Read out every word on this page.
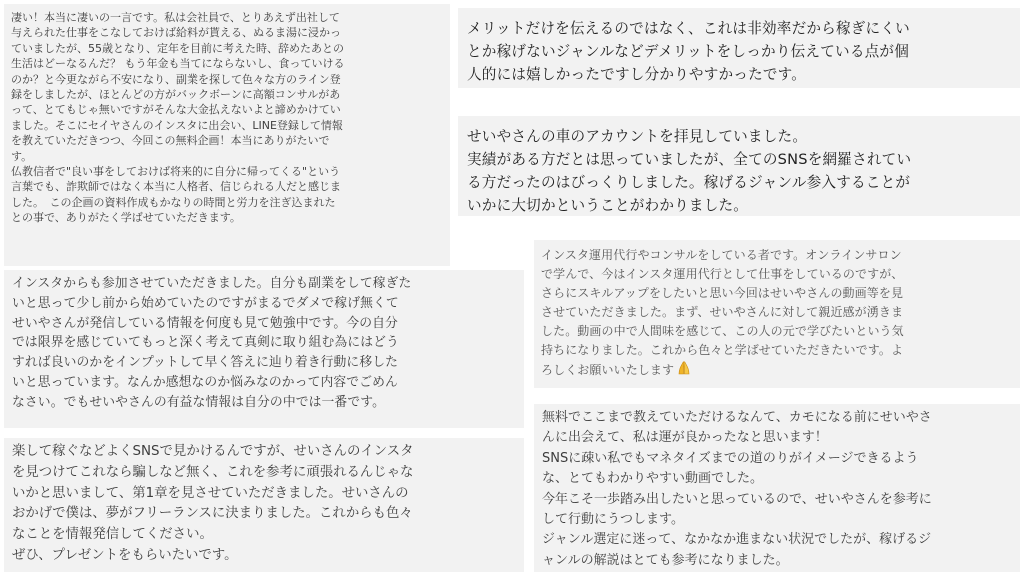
凄い！本当に凄いの一言です。私は会社員で、とりあえず出社して
与えられた仕事をこなしておけば給料が貰える、ぬるま湯に浸かっ
ていましたが、55歳となり、定年を目前に考えた時、辞めたあとの
生活はどーなるんだ？ もう年金も当てにならないし、食っていける
のか？と今更ながら不安になり、副業を探して色々な方のライン登
録をしましたが、ほとんどの方がバックボーンに高額コンサルがあ
って、とてもじゃ無いですがそんな大金払えないよと諦めかけてい
ました。そこにセイヤさんのインスタに出会い、LINE登録して情報
を教えていただきつつ、今回この無料企画！本当にありがたいで
す。
仏教信者で"良い事をしておけば将来的に自分に帰ってくる"という
言葉でも、詐欺師ではなく本当に人格者、信じられる人だと感じま
した。　この企画の資料作成もかなりの時間と労力を注ぎ込まれた
との事で、ありがたく学ばせていただきます。

メリットだけを伝えるのではなく、これは非効率だから稼ぎにくい
とか稼げないジャンルなどデメリットをしっかり伝えている点が個
人的には嬉しかったですし分かりやすかったです。

せいやさんの車のアカウントを拝見していました。
実績がある方だとは思っていましたが、全てのSNSを網羅されてい
る方だったのはびっくりしました。稼げるジャンル参入することが
いかに大切かということがわかりました。

インスタからも参加させていただきました。自分も副業をして稼ぎた
いと思って少し前から始めていたのですがまるでダメで稼げ無くて
せいやさんが発信している情報を何度も見て勉強中です。今の自分
では限界を感じていてもっと深く考えて真剣に取り組む為にはどう
すれば良いのかをインプットして早く答えに辿り着き行動に移した
いと思っています。なんか感想なのか悩みなのかって内容でごめん
なさい。でもせいやさんの有益な情報は自分の中では一番です。

インスタ運用代行やコンサルをしている者です。オンラインサロン
で学んで、今はインスタ運用代行として仕事をしているのですが、
さらにスキルアップをしたいと思い今回はせいやさんの動画等を見
させていただきました。まず、せいやさんに対して親近感が湧きま
した。動画の中で人間味を感じて、この人の元で学びたいという気
持ちになりました。これから色々と学ばせていただきたいです。よ
ろしくお願いいたします

楽して稼ぐなどよくSNSで見かけるんですが、せいさんのインスタ
を見つけてこれなら騙しなど無く、これを参考に頑張れるんじゃな
いかと思いまして、第1章を見させていただきました。せいさんの
おかげで僕は、夢がフリーランスに決まりました。これからも色々
なことを情報発信してください。
ぜひ、プレゼントをもらいたいです。

無料でここまで教えていただけるなんて、カモになる前にせいやさ
んに出会えて、私は運が良かったなと思います！
SNSに疎い私でもマネタイズまでの道のりがイメージできるよう
な、とてもわかりやすい動画でした。
今年こそ一歩踏み出したいと思っているので、せいやさんを参考に
して行動にうつします。
ジャンル選定に迷って、なかなか進まない状況でしたが、稼げるジ
ャンルの解説はとても参考になりました。
